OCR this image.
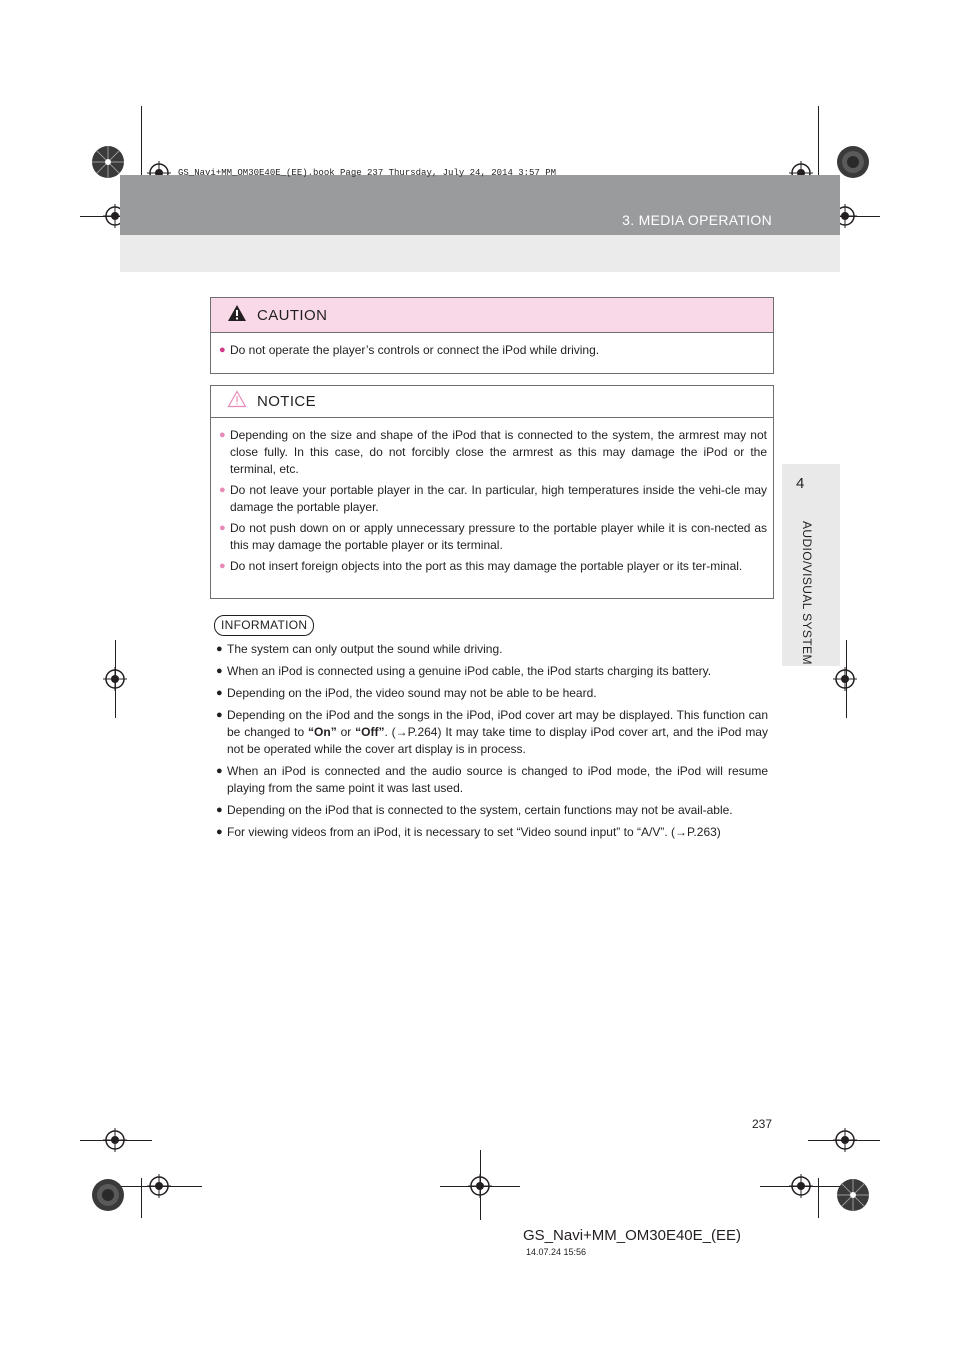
GS_Navi+MM_OM30E40E_(EE).book Page 237 Thursday, July 24, 2014 3:57 PM
3. MEDIA OPERATION
4
AUDIO/VISUAL SYSTEM
CAUTION
● Do not operate the player’s controls or connect the iPod while driving.
NOTICE
● Depending on the size and shape of the iPod that is connected to the system, the armrest may not close fully. In this case, do not forcibly close the armrest as this may damage the iPod or the terminal, etc.
● Do not leave your portable player in the car. In particular, high temperatures inside the vehi-cle may damage the portable player.
● Do not push down on or apply unnecessary pressure to the portable player while it is con-nected as this may damage the portable player or its terminal.
● Do not insert foreign objects into the port as this may damage the portable player or its ter-minal.
INFORMATION
● The system can only output the sound while driving.
● When an iPod is connected using a genuine iPod cable, the iPod starts charging its battery.
● Depending on the iPod, the video sound may not be able to be heard.
● Depending on the iPod and the songs in the iPod, iPod cover art may be displayed. This function can be changed to “On” or “Off”. (→P.264) It may take time to display iPod cover art, and the iPod may not be operated while the cover art display is in process.
● When an iPod is connected and the audio source is changed to iPod mode, the iPod will resume playing from the same point it was last used.
● Depending on the iPod that is connected to the system, certain functions may not be avail-able.
● For viewing videos from an iPod, it is necessary to set “Video sound input” to “A/V”. (→P.263)
237
GS_Navi+MM_OM30E40E_(EE)
14.07.24 15:56
